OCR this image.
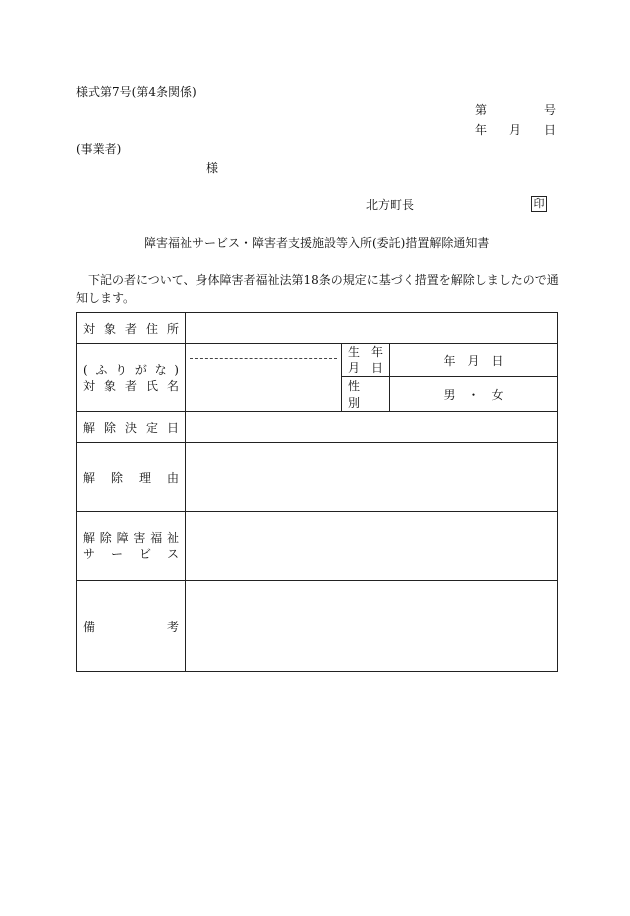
様式第7号(第4条関係)
第	号
年 月 日
(事業者)
様
北方町長	印
障害福祉サービス・障害者支援施設等入所(委託)措置解除通知書
下記の者について、身体障害者福祉法第18条の規定に基づく措置を解除しましたので通
知します。
対象者住所			

(ふりがな)
対象者氏名		生 年
月 日	年　月　日
		性　別	男　・　女
解除決定日			
解除理由			

解除障害福祉
サービス			

備 考			
